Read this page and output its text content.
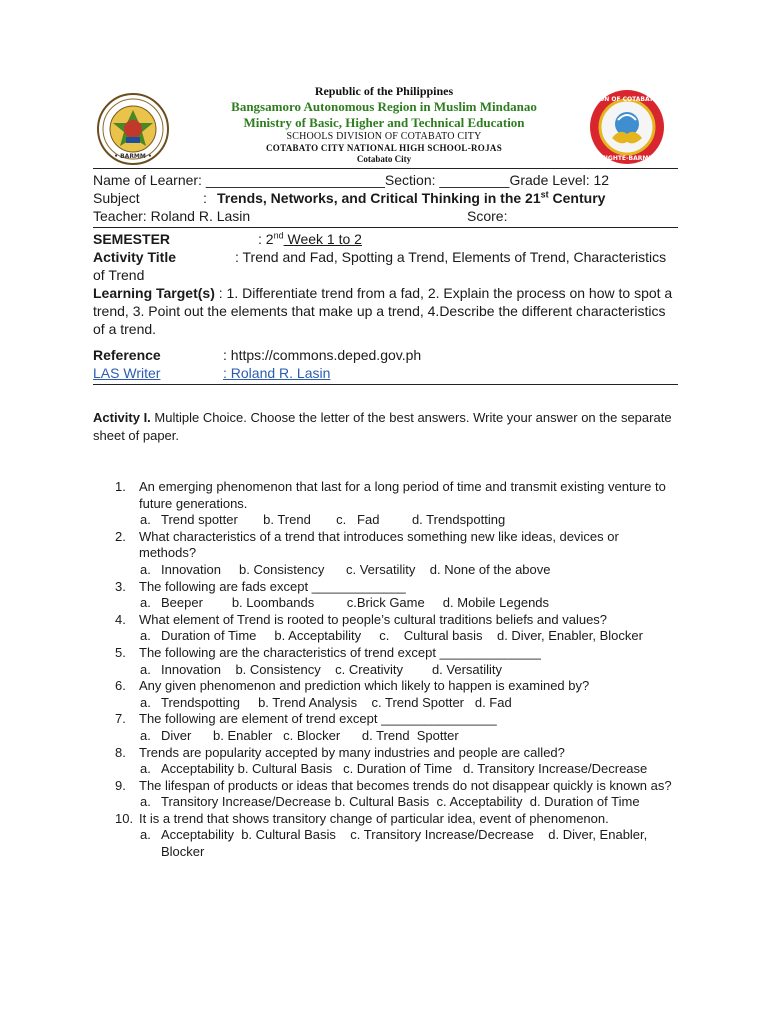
• BARMM •
DIVISION OF COTABATO CITY
MIGHTE-BARMM
Republic of the Philippines
Bangsamoro Autonomous Region in Muslim Mindanao
Ministry of Basic, Higher and Technical Education
SCHOOLS DIVISION OF COTABATO CITY
COTABATO CITY NATIONAL HIGH SCHOOL-ROJAS
Cotabato City
Name of Learner: _______________________Section: _________Grade Level: 12
Subject	: Trends, Networks, and Critical Thinking in the 21st Century
Teacher: Roland R. Lasin	Score:
SEMESTER	: 2nd Week 1 to 2
Activity Title	: Trend and Fad, Spotting a Trend, Elements of Trend, Characteristics of Trend
Learning Target(s) : 1. Differentiate trend from a fad, 2. Explain the process on how to spot a trend, 3. Point out the elements that make up a trend, 4.Describe the different characteristics of a trend.
Reference	: https://commons.deped.gov.ph
LAS Writer	: Roland R. Lasin
Activity I. Multiple Choice. Choose the letter of the best answers. Write your answer on the separate sheet of paper.
1.	An emerging phenomenon that last for a long period of time and transmit existing venture to future generations.
a. Trend spotter       b. Trend       c.   Fad         d. Trendspotting
2.	What characteristics of a trend that introduces something new like ideas, devices or methods?
a. Innovation     b. Consistency      c. Versatility    d. None of the above
3.	The following are fads except _____________
a. Beeper        b. Loombands         c.Brick Game     d. Mobile Legends
4.	What element of Trend is rooted to people’s cultural traditions beliefs and values?
a. Duration of Time     b. Acceptability     c.    Cultural basis    d. Diver, Enabler, Blocker
5.	The following are the characteristics of trend except ______________
a. Innovation    b. Consistency    c. Creativity        d. Versatility
6.	Any given phenomenon and prediction which likely to happen is examined by?
a. Trendspotting     b. Trend Analysis    c. Trend Spotter   d. Fad
7.	The following are element of trend except ________________
a. Diver      b. Enabler   c. Blocker      d. Trend  Spotter
8.	Trends are popularity accepted by many industries and people are called?
a. Acceptability b. Cultural Basis   c. Duration of Time   d. Transitory Increase/Decrease
9.	The lifespan of products or ideas that becomes trends do not disappear quickly is known as?
a. Transitory Increase/Decrease b. Cultural Basis  c. Acceptability  d. Duration of Time
10. It is a trend that shows transitory change of particular idea, event of phenomenon.
a. Acceptability  b. Cultural Basis    c. Transitory Increase/Decrease    d. Diver, Enabler, Blocker
